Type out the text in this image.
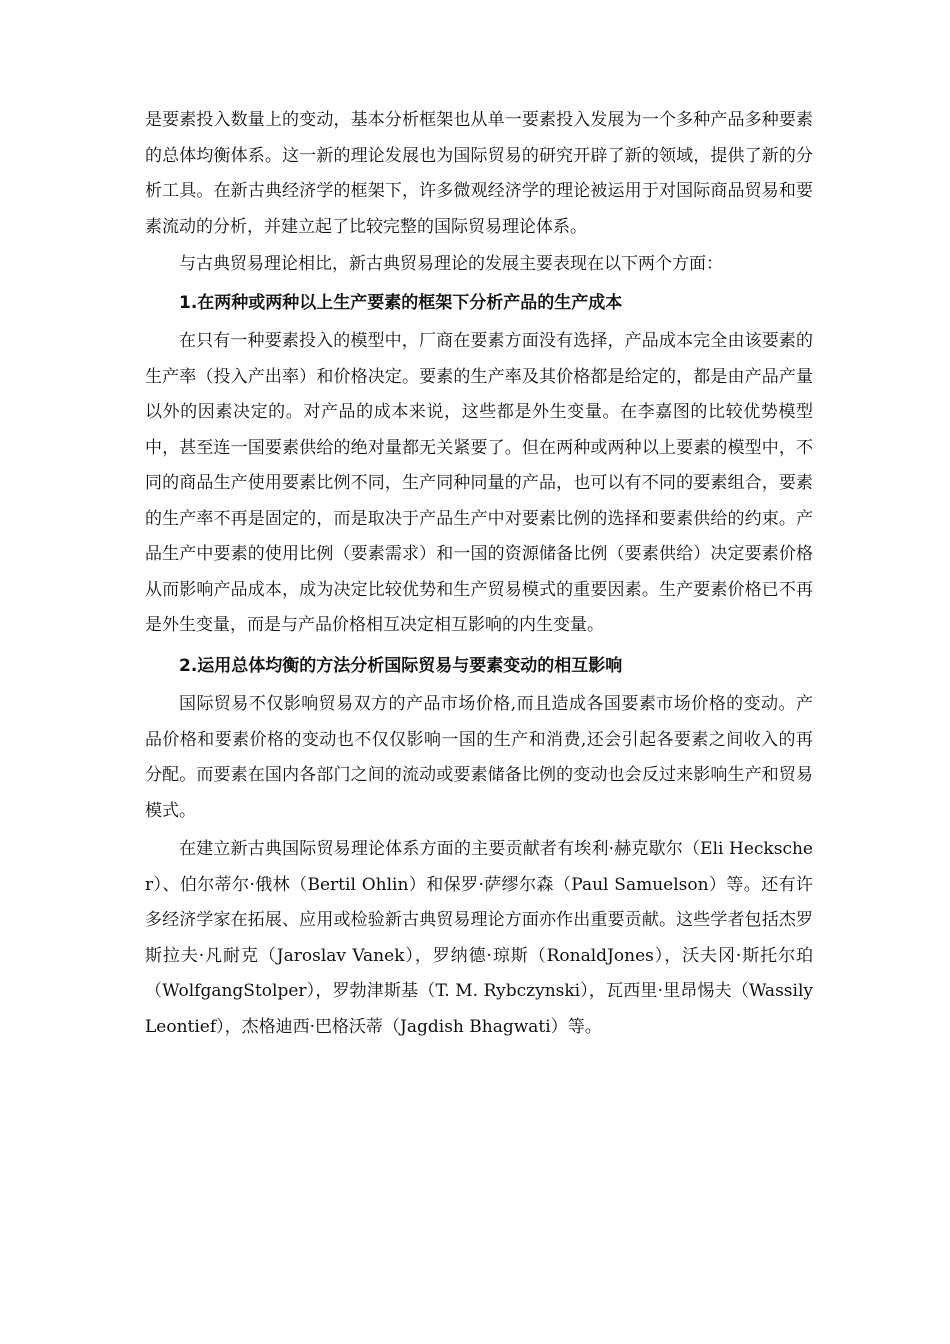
是要素投入数量上的变动，基本分析框架也从单一要素投入发展为一个多种产品多种要素的总体均衡体系。这一新的理论发展也为国际贸易的研究开辟了新的领域，提供了新的分析工具。在新古典经济学的框架下，许多微观经济学的理论被运用于对国际商品贸易和要素流动的分析，并建立起了比较完整的国际贸易理论体系。

与古典贸易理论相比，新古典贸易理论的发展主要表现在以下两个方面：

1.在两种或两种以上生产要素的框架下分析产品的生产成本

在只有一种要素投入的模型中，厂商在要素方面没有选择，产品成本完全由该要素的生产率（投入产出率）和价格决定。要素的生产率及其价格都是给定的，都是由产品产量以外的因素决定的。对产品的成本来说，这些都是外生变量。在李嘉图的比较优势模型中，甚至连一国要素供给的绝对量都无关紧要了。但在两种或两种以上要素的模型中，不同的商品生产使用要素比例不同，生产同种同量的产品，也可以有不同的要素组合，要素的生产率不再是固定的，而是取决于产品生产中对要素比例的选择和要素供给的约束。产品生产中要素的使用比例（要素需求）和一国的资源储备比例（要素供给）决定要素价格从而影响产品成本，成为决定比较优势和生产贸易模式的重要因素。生产要素价格已不再是外生变量，而是与产品价格相互决定相互影响的内生变量。

2.运用总体均衡的方法分析国际贸易与要素变动的相互影响

国际贸易不仅影响贸易双方的产品市场价格,而且造成各国要素市场价格的变动。产品价格和要素价格的变动也不仅仅影响一国的生产和消费,还会引起各要素之间收入的再分配。而要素在国内各部门之间的流动或要素储备比例的变动也会反过来影响生产和贸易模式。

在建立新古典国际贸易理论体系方面的主要贡献者有埃利·赫克歇尔（Eli Heckscher）、伯尔蒂尔·俄林（Bertil Ohlin）和保罗·萨缪尔森（Paul Samuelson）等。还有许多经济学家在拓展、应用或检验新古典贸易理论方面亦作出重要贡献。这些学者包括杰罗斯拉夫·凡耐克（Jaroslav Vanek），罗纳德·琼斯（RonaldJones），沃夫冈·斯托尔珀（WolfgangStolper），罗勃津斯基（T. M. Rybczynski），瓦西里·里昂惕夫（WassilyLeontief），杰格迪西·巴格沃蒂（Jagdish Bhagwati）等。
